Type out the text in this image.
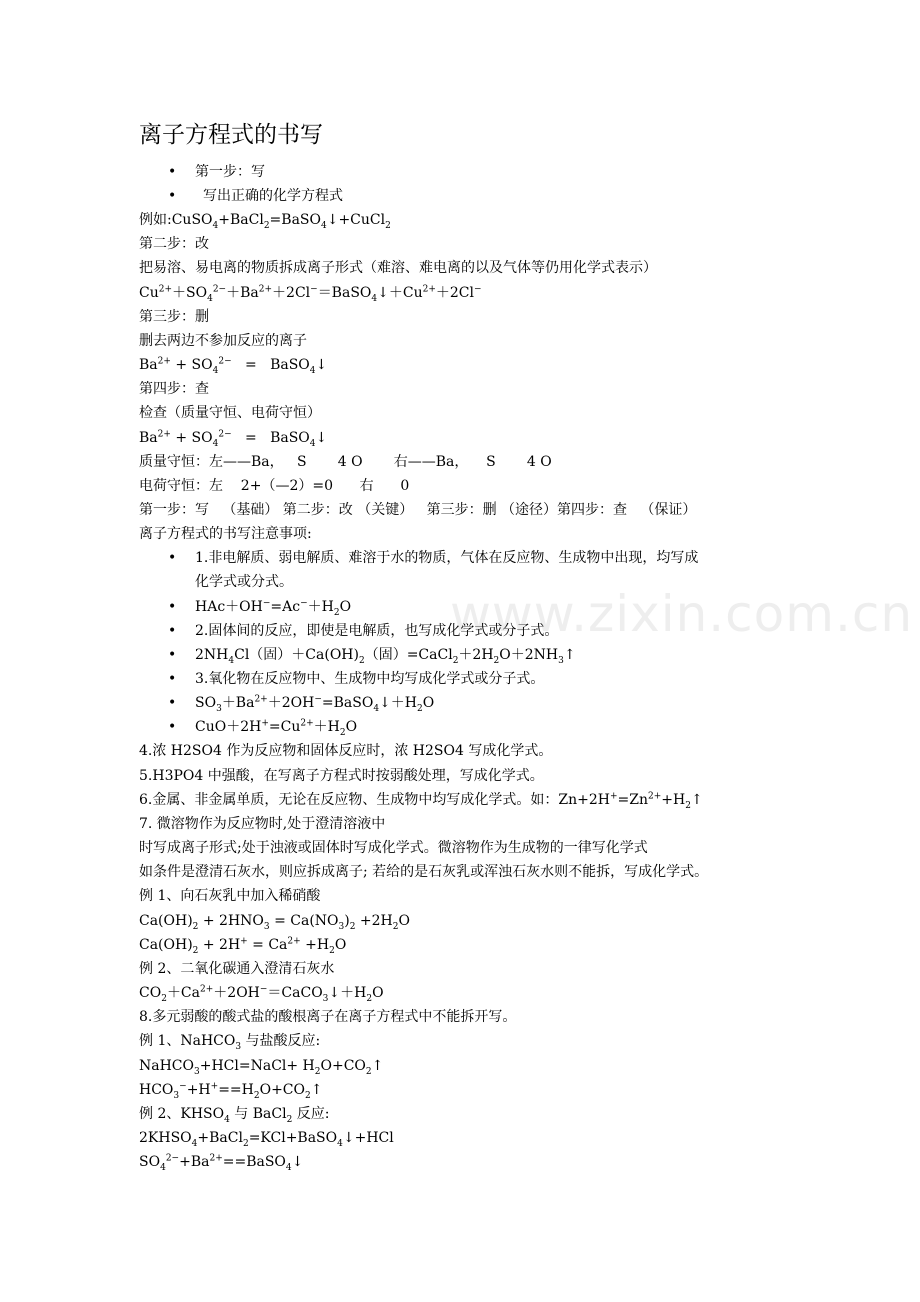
www.zixin.com.cn
离子方程式的书写
• 第一步：写
• 写出正确的化学方程式
例如:CuSO$_4$+BaCl$_2$=BaSO$_4$↓+CuCl$_2$
第二步：改
把易溶、易电离的物质拆成离子形式（难溶、难电离的以及气体等仍用化学式表示）
$Cu^{2+}+SO_4^{2-}+Ba^{2+}+2Cl^-=BaSO_4↓+Cu^{2+}+2Cl^-$
第三步：删
删去两边不参加反应的离子
$Ba^{2+} + SO_4^{2-}$   =   BaSO$_4$↓
第四步：查
检查（质量守恒、电荷守恒）
$Ba^{2+} + SO_4^{2-}$   =   BaSO$_4$↓
质量守恒：左——Ba，   S       4 O       右——Ba，    S       4 O
电荷守恒：左    2+（—2）=0      右      0
第一步：写   （基础） 第二步：改 （关键）   第三步：删 （途径）第四步：查   （保证）
离子方程式的书写注意事项:
• 1.非电解质、弱电解质、难溶于水的物质，气体在反应物、生成物中出现，均写成
化学式或分式。
• $HAc+OH^-=Ac^-+H_2O$
• 2.固体间的反应，即使是电解质，也写成化学式或分子式。
• $2NH_4Cl$（固）$+Ca(OH)_2$（固）$=CaCl_2+2H_2O+2NH_3↑$
• 3.氧化物在反应物中、生成物中均写成化学式或分子式。
• $SO_3+Ba^{2+}+2OH^-=BaSO_4↓+H_2O$
• $CuO+2H^+=Cu^{2+}+H_2O$
4.浓 H2SO4 作为反应物和固体反应时，浓 H2SO4 写成化学式。
5.H3PO4 中强酸，在写离子方程式时按弱酸处理，写成化学式。
6.金属、非金属单质，无论在反应物、生成物中均写成化学式。如：$Zn+2H^+=Zn^{2+}+H_2↑$
7. 微溶物作为反应物时,处于澄清溶液中
时写成离子形式;处于浊液或固体时写成化学式。微溶物作为生成物的一律写化学式
如条件是澄清石灰水，则应拆成离子; 若给的是石灰乳或浑浊石灰水则不能拆，写成化学式。
例 1、向石灰乳中加入稀硝酸
$Ca(OH)_2 + 2HNO_3 = Ca(NO_3)_2 +2H_2O$
$Ca(OH)_2 + 2H^+ = Ca^{2+} +H_2O$
例 2、二氧化碳通入澄清石灰水
$CO_2+Ca^{2+}+2OH^-=CaCO_3↓+H_2O$
8.多元弱酸的酸式盐的酸根离子在离子方程式中不能拆开写。
例 1、NaHCO$_3$ 与盐酸反应:
NaHCO$_3$+HCl=NaCl+ $H_2O+CO_2↑$
$HCO_3^-+H^+==H_2O+CO_2↑$
例 2、$KHSO_4$ 与 BaCl$_2$ 反应:
$2KHSO_4+BaCl_2=KCl+BaSO_4↓+HCl$
$SO_4^{2-}+Ba^{2+}==BaSO_4↓$
